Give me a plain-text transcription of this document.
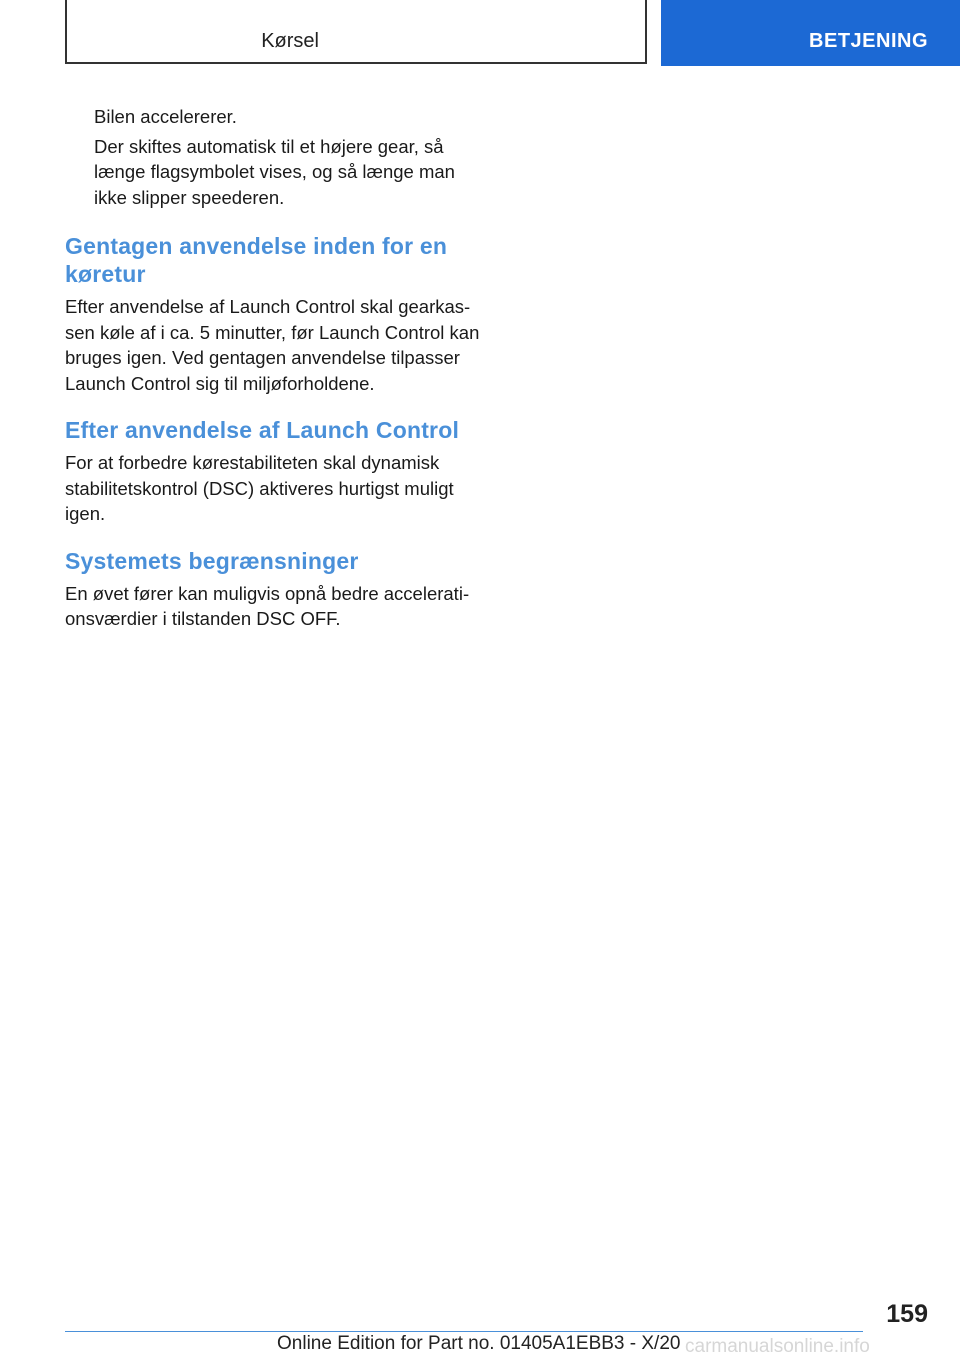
Kørsel	BETJENING

Bilen accelererer.

Der skiftes automatisk til et højere gear, så længe flagsymbolet vises, og så længe man ikke slipper speederen.

Gentagen anvendelse inden for en køretur

Efter anvendelse af Launch Control skal gearkassen køle af i ca. 5 minutter, før Launch Control kan bruges igen. Ved gentagen anvendelse tilpasser Launch Control sig til miljøforholdene.

Efter anvendelse af Launch Control

For at forbedre kørestabiliteten skal dynamisk stabilitetskontrol (DSC) aktiveres hurtigst muligt igen.

Systemets begrænsninger

En øvet fører kan muligvis opnå bedre accelerationsværdier i tilstanden DSC OFF.

159
Online Edition for Part no. 01405A1EBB3 - X/20 carmanualsonline.info
